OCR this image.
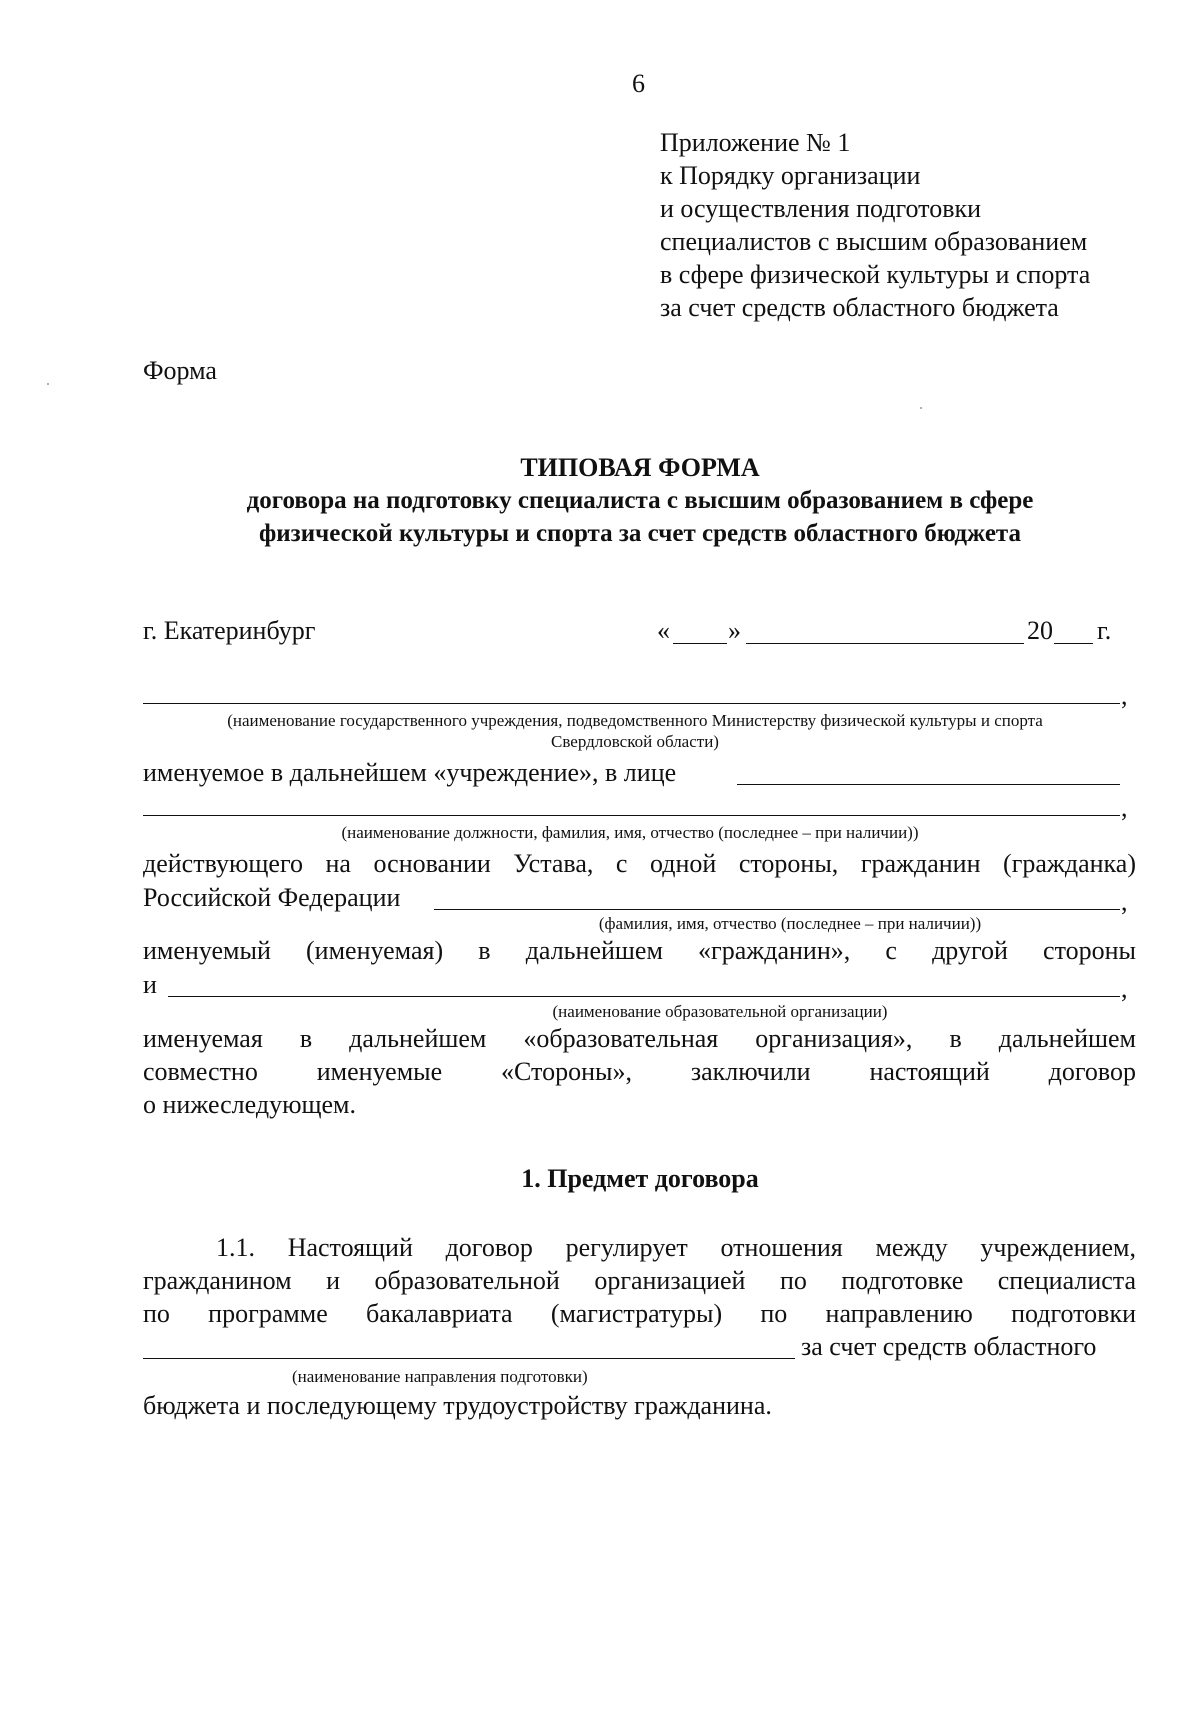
6
Приложение № 1
к Порядку организации
и осуществления подготовки
специалистов с высшим образованием
в сфере физической культуры и спорта
за счет средств областного бюджета
Форма
ТИПОВАЯ ФОРМА
договора на подготовку специалиста с высшим образованием в сфере
физической культуры и спорта за счет средств областного бюджета
г. Екатеринбург	« »	20 г.
,
(наименование государственного учреждения, подведомственного Министерству физической культуры и спорта
Свердловской области)
именуемое в дальнейшем «учреждение», в лице
,
(наименование должности, фамилия, имя, отчество (последнее – при наличии))
действующего на основании Устава, с одной стороны, гражданин (гражданка)
Российской Федерации	,
(фамилия, имя, отчество (последнее – при наличии))
именуемый (именуемая) в дальнейшем «гражданин», с другой стороны
и	,
(наименование образовательной организации)
именуемая в дальнейшем «образовательная организация», в дальнейшем
совместно именуемые «Стороны», заключили настоящий договор
о нижеследующем.
1. Предмет договора
1.1. Настоящий договор регулирует отношения между учреждением,
гражданином и образовательной организацией по подготовке специалиста
по программе бакалавриата (магистратуры) по направлению подготовки
за счет средств областного
(наименование направления подготовки)
бюджета и последующему трудоустройству гражданина.
